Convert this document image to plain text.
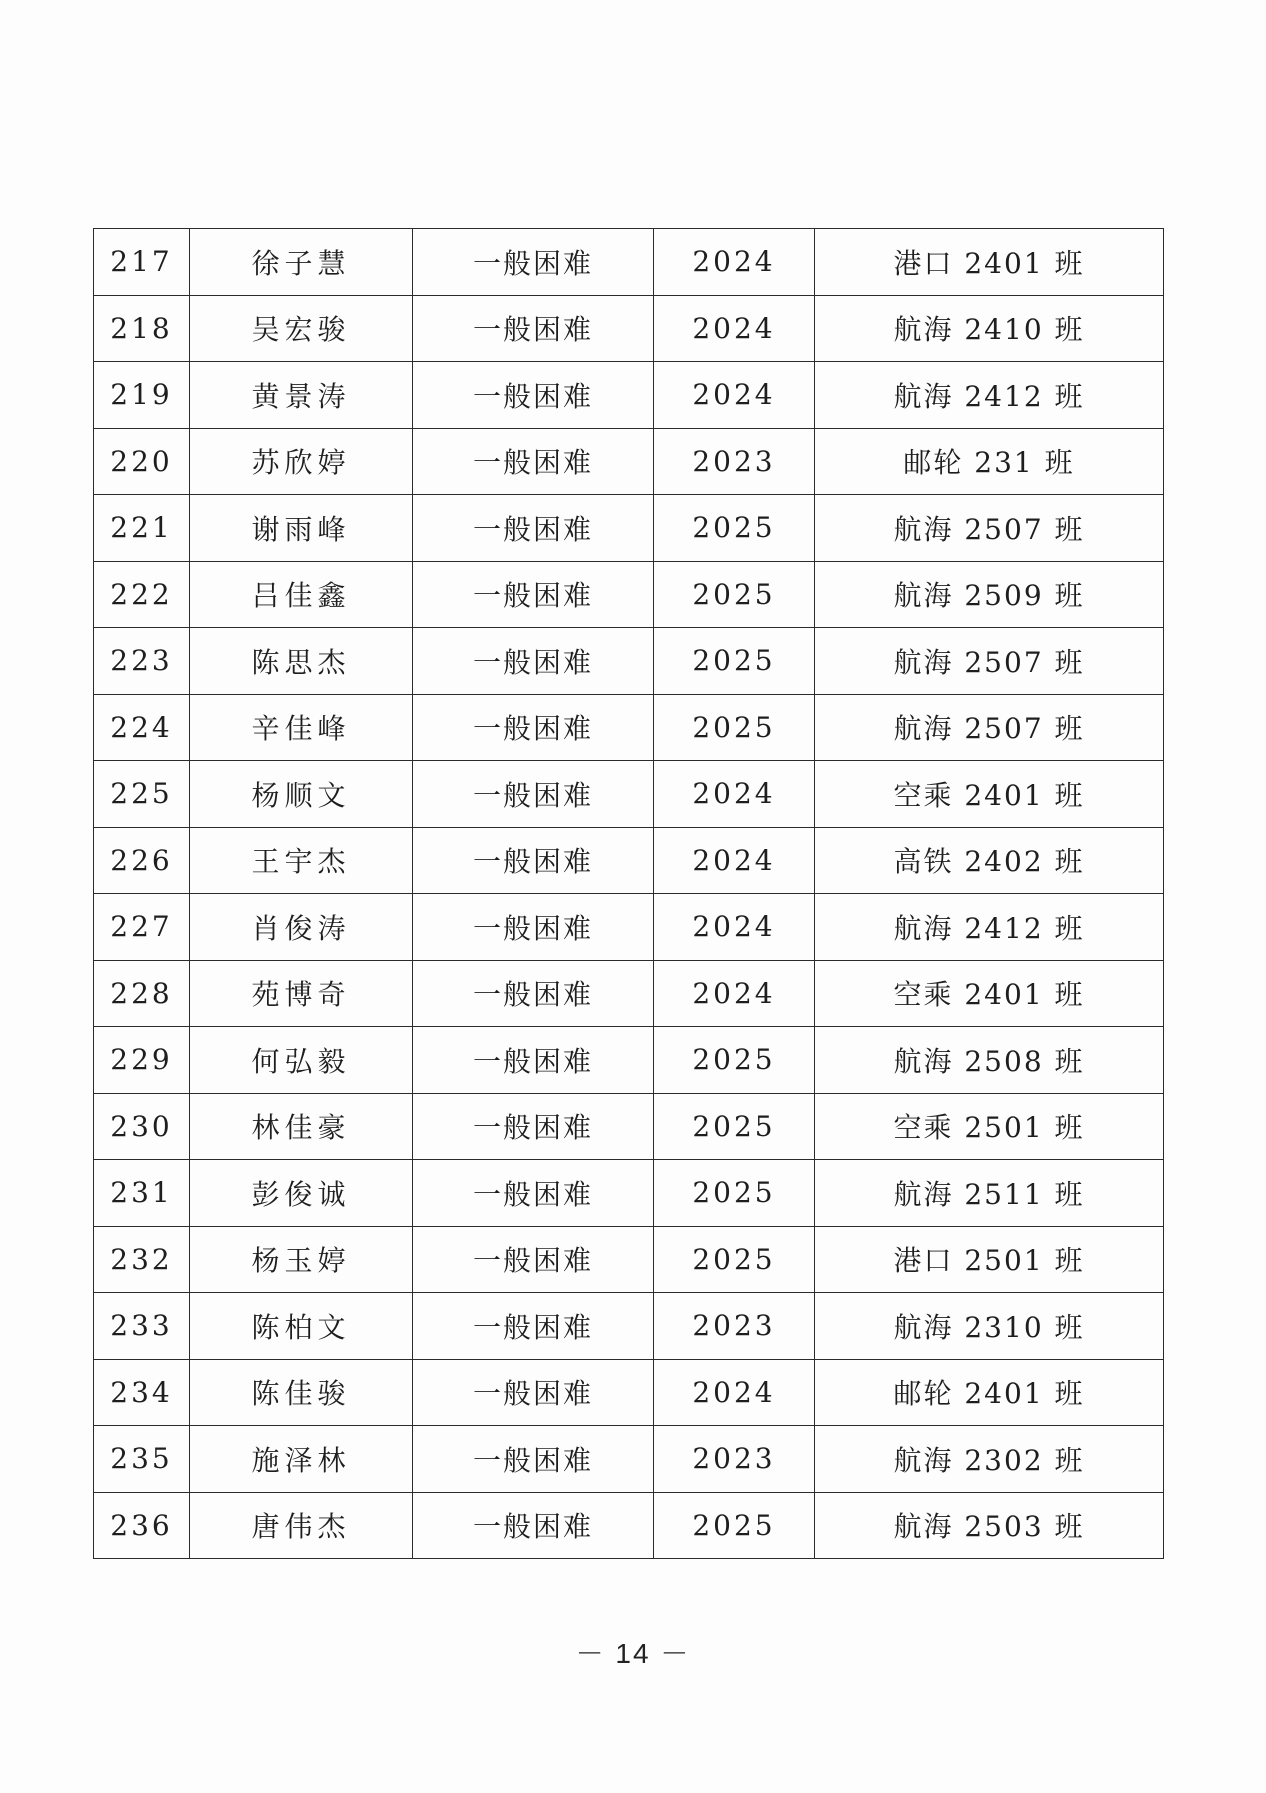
217	徐子慧	一般困难	2024	港口 2401 班
218	吴宏骏	一般困难	2024	航海 2410 班
219	黄景涛	一般困难	2024	航海 2412 班
220	苏欣婷	一般困难	2023	邮轮 231 班
221	谢雨峰	一般困难	2025	航海 2507 班
222	吕佳鑫	一般困难	2025	航海 2509 班
223	陈思杰	一般困难	2025	航海 2507 班
224	辛佳峰	一般困难	2025	航海 2507 班
225	杨顺文	一般困难	2024	空乘 2401 班
226	王宇杰	一般困难	2024	高铁 2402 班
227	肖俊涛	一般困难	2024	航海 2412 班
228	苑博奇	一般困难	2024	空乘 2401 班
229	何弘毅	一般困难	2025	航海 2508 班
230	林佳豪	一般困难	2025	空乘 2501 班
231	彭俊诚	一般困难	2025	航海 2511 班
232	杨玉婷	一般困难	2025	港口 2501 班
233	陈柏文	一般困难	2023	航海 2310 班
234	陈佳骏	一般困难	2024	邮轮 2401 班
235	施泽林	一般困难	2023	航海 2302 班
236	唐伟杰	一般困难	2025	航海 2503 班
－ 14 －
